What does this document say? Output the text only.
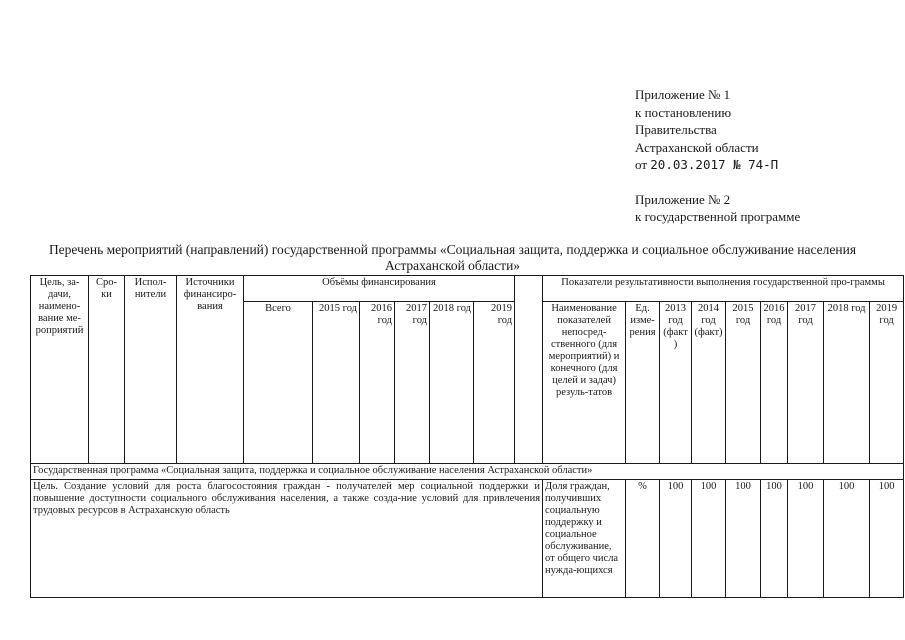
Приложение № 1
к постановлению
Правительства
Астраханской области
от 20.03.2017 № 74-П
Приложение № 2
к государственной программе
Перечень мероприятий (направлений) государственной программы «Социальная защита, поддержка и социальное обслуживание населения Астраханской области»
Цель, за-дачи, наимено-вание ме-роприятий	Сро-ки	Испол-нители	Источники финансиро-вания	Объёмы финансирования							Показатели результативности выполнения государственной про-граммы								
				Всего	2015 год	2016 год	2017 год	2018 год	2019 год		Наименование показателей непосред-ственного (для мероприятий) и конечного (для целей и задач) резуль-татов	Ед. изме-рения	2013 год (факт)	2014 год (факт)	2015 год	2016 год	2017 год	2018 год	2019 год
Государственная программа «Социальная защита, поддержка и социальное обслуживание населения Астраханской области»																			
Цель. Создание условий для роста благосостояния граждан - получателей мер социальной поддержки и повышение доступности социального обслуживания населения, а также созда-ние условий для привлечения трудовых ресурсов в Астраханскую область											Доля граждан, получивших социальную поддержку и социальное обслуживание, от общего числа нужда-ющихся	%	100	100	100	100	100	100	100
